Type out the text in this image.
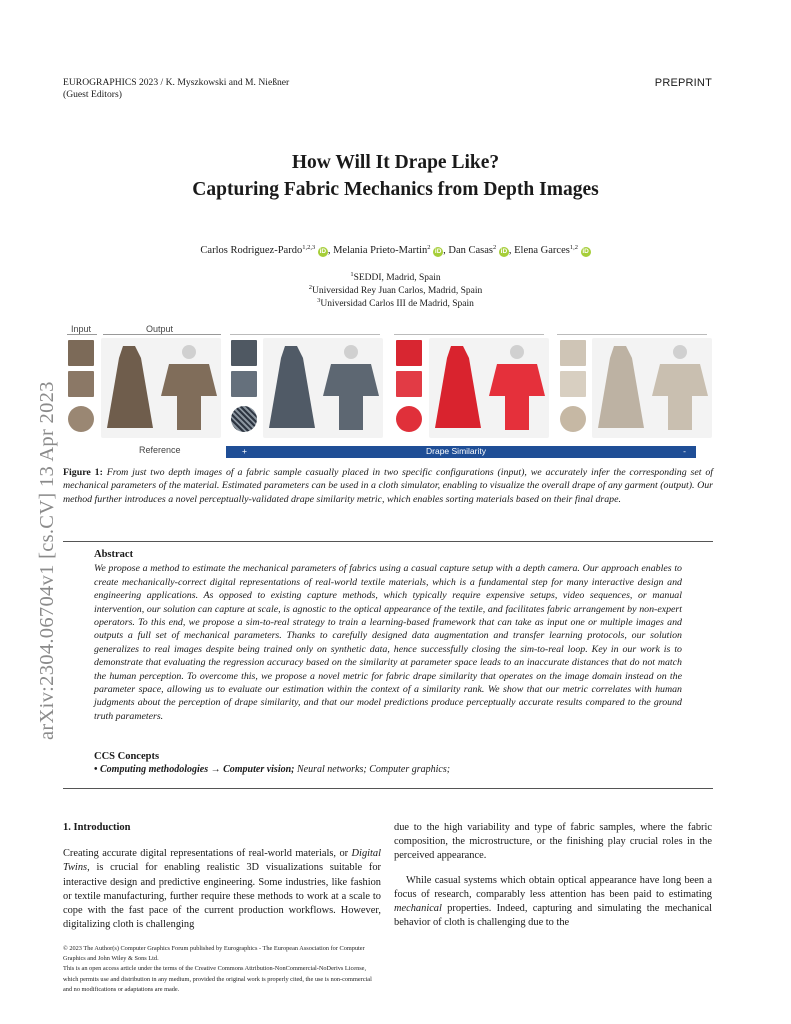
EUROGRAPHICS 2023 / K. Myszkowski and M. Nießner
(Guest Editors)
PREPRINT
arXiv:2304.06704v1 [cs.CV] 13 Apr 2023
How Will It Drape Like?
Capturing Fabric Mechanics from Depth Images
Carlos Rodriguez-Pardo$^{1,2,3}$ iD , Melania Prieto-Martin$^2$ iD , Dan Casas$^2$ iD , Elena Garces$^{1,2}$ iD
$^1$SEDDI, Madrid, Spain
$^2$Universidad Rey Juan Carlos, Madrid, Spain
$^3$Universidad Carlos III de Madrid, Spain
Input	Output
Reference	+	Drape Similarity	-
Figure 1: From just two depth images of a fabric sample casually placed in two specific configurations (input), we accurately infer the corresponding set of mechanical parameters of the material. Estimated parameters can be used in a cloth simulator, enabling to visualize the overall drape of any garment (output). Our method further introduces a novel perceptually-validated drape similarity metric, which enables sorting materials based on their final drape.
Abstract

We propose a method to estimate the mechanical parameters of fabrics using a casual capture setup with a depth camera. Our approach enables to create mechanically-correct digital representations of real-world textile materials, which is a fundamental step for many interactive design and engineering applications. As opposed to existing capture methods, which typically require expensive setups, video sequences, or manual intervention, our solution can capture at scale, is agnostic to the optical appearance of the textile, and facilitates fabric arrangement by non-expert operators. To this end, we propose a sim-to-real strategy to train a learning-based framework that can take as input one or multiple images and outputs a full set of mechanical parameters. Thanks to carefully designed data augmentation and transfer learning protocols, our solution generalizes to real images despite being trained only on synthetic data, hence successfully closing the sim-to-real loop. Key in our work is to demonstrate that evaluating the regression accuracy based on the similarity at parameter space leads to an inaccurate distances that do not match the human perception. To overcome this, we propose a novel metric for fabric drape similarity that operates on the image domain instead on the parameter space, allowing us to evaluate our estimation within the context of a similarity rank. We show that our metric correlates with human judgments about the perception of drape similarity, and that our model predictions produce perceptually accurate results compared to the ground truth parameters.

CCS Concepts
• Computing methodologies → Computer vision; Neural networks; Computer graphics;
1. Introduction

Creating accurate digital representations of real-world materials, or Digital Twins, is crucial for enabling realistic 3D visualizations suitable for interactive design and predictive engineering. Some industries, like fashion or textile manufacturing, further require these methods to work at a scale to cope with the fast pace of the current production workflows. However, digitalizing cloth is challenging

due to the high variability and type of fabric samples, where the fabric composition, the microstructure, or the finishing play crucial roles in the perceived appearance.

While casual systems which obtain optical appearance have long been a focus of research, comparably less attention has been paid to estimating mechanical properties. Indeed, capturing and simulating the mechanical behavior of cloth is challenging due to the

© 2023 The Author(s) Computer Graphics Forum published by Eurographics - The European Association for Computer Graphics and John Wiley & Sons Ltd.
This is an open access article under the terms of the Creative Commons Attribution-NonCommercial-NoDerivs License, which permits use and distribution in any medium, provided the original work is properly cited, the use is non-commercial and no modifications or adaptations are made.
